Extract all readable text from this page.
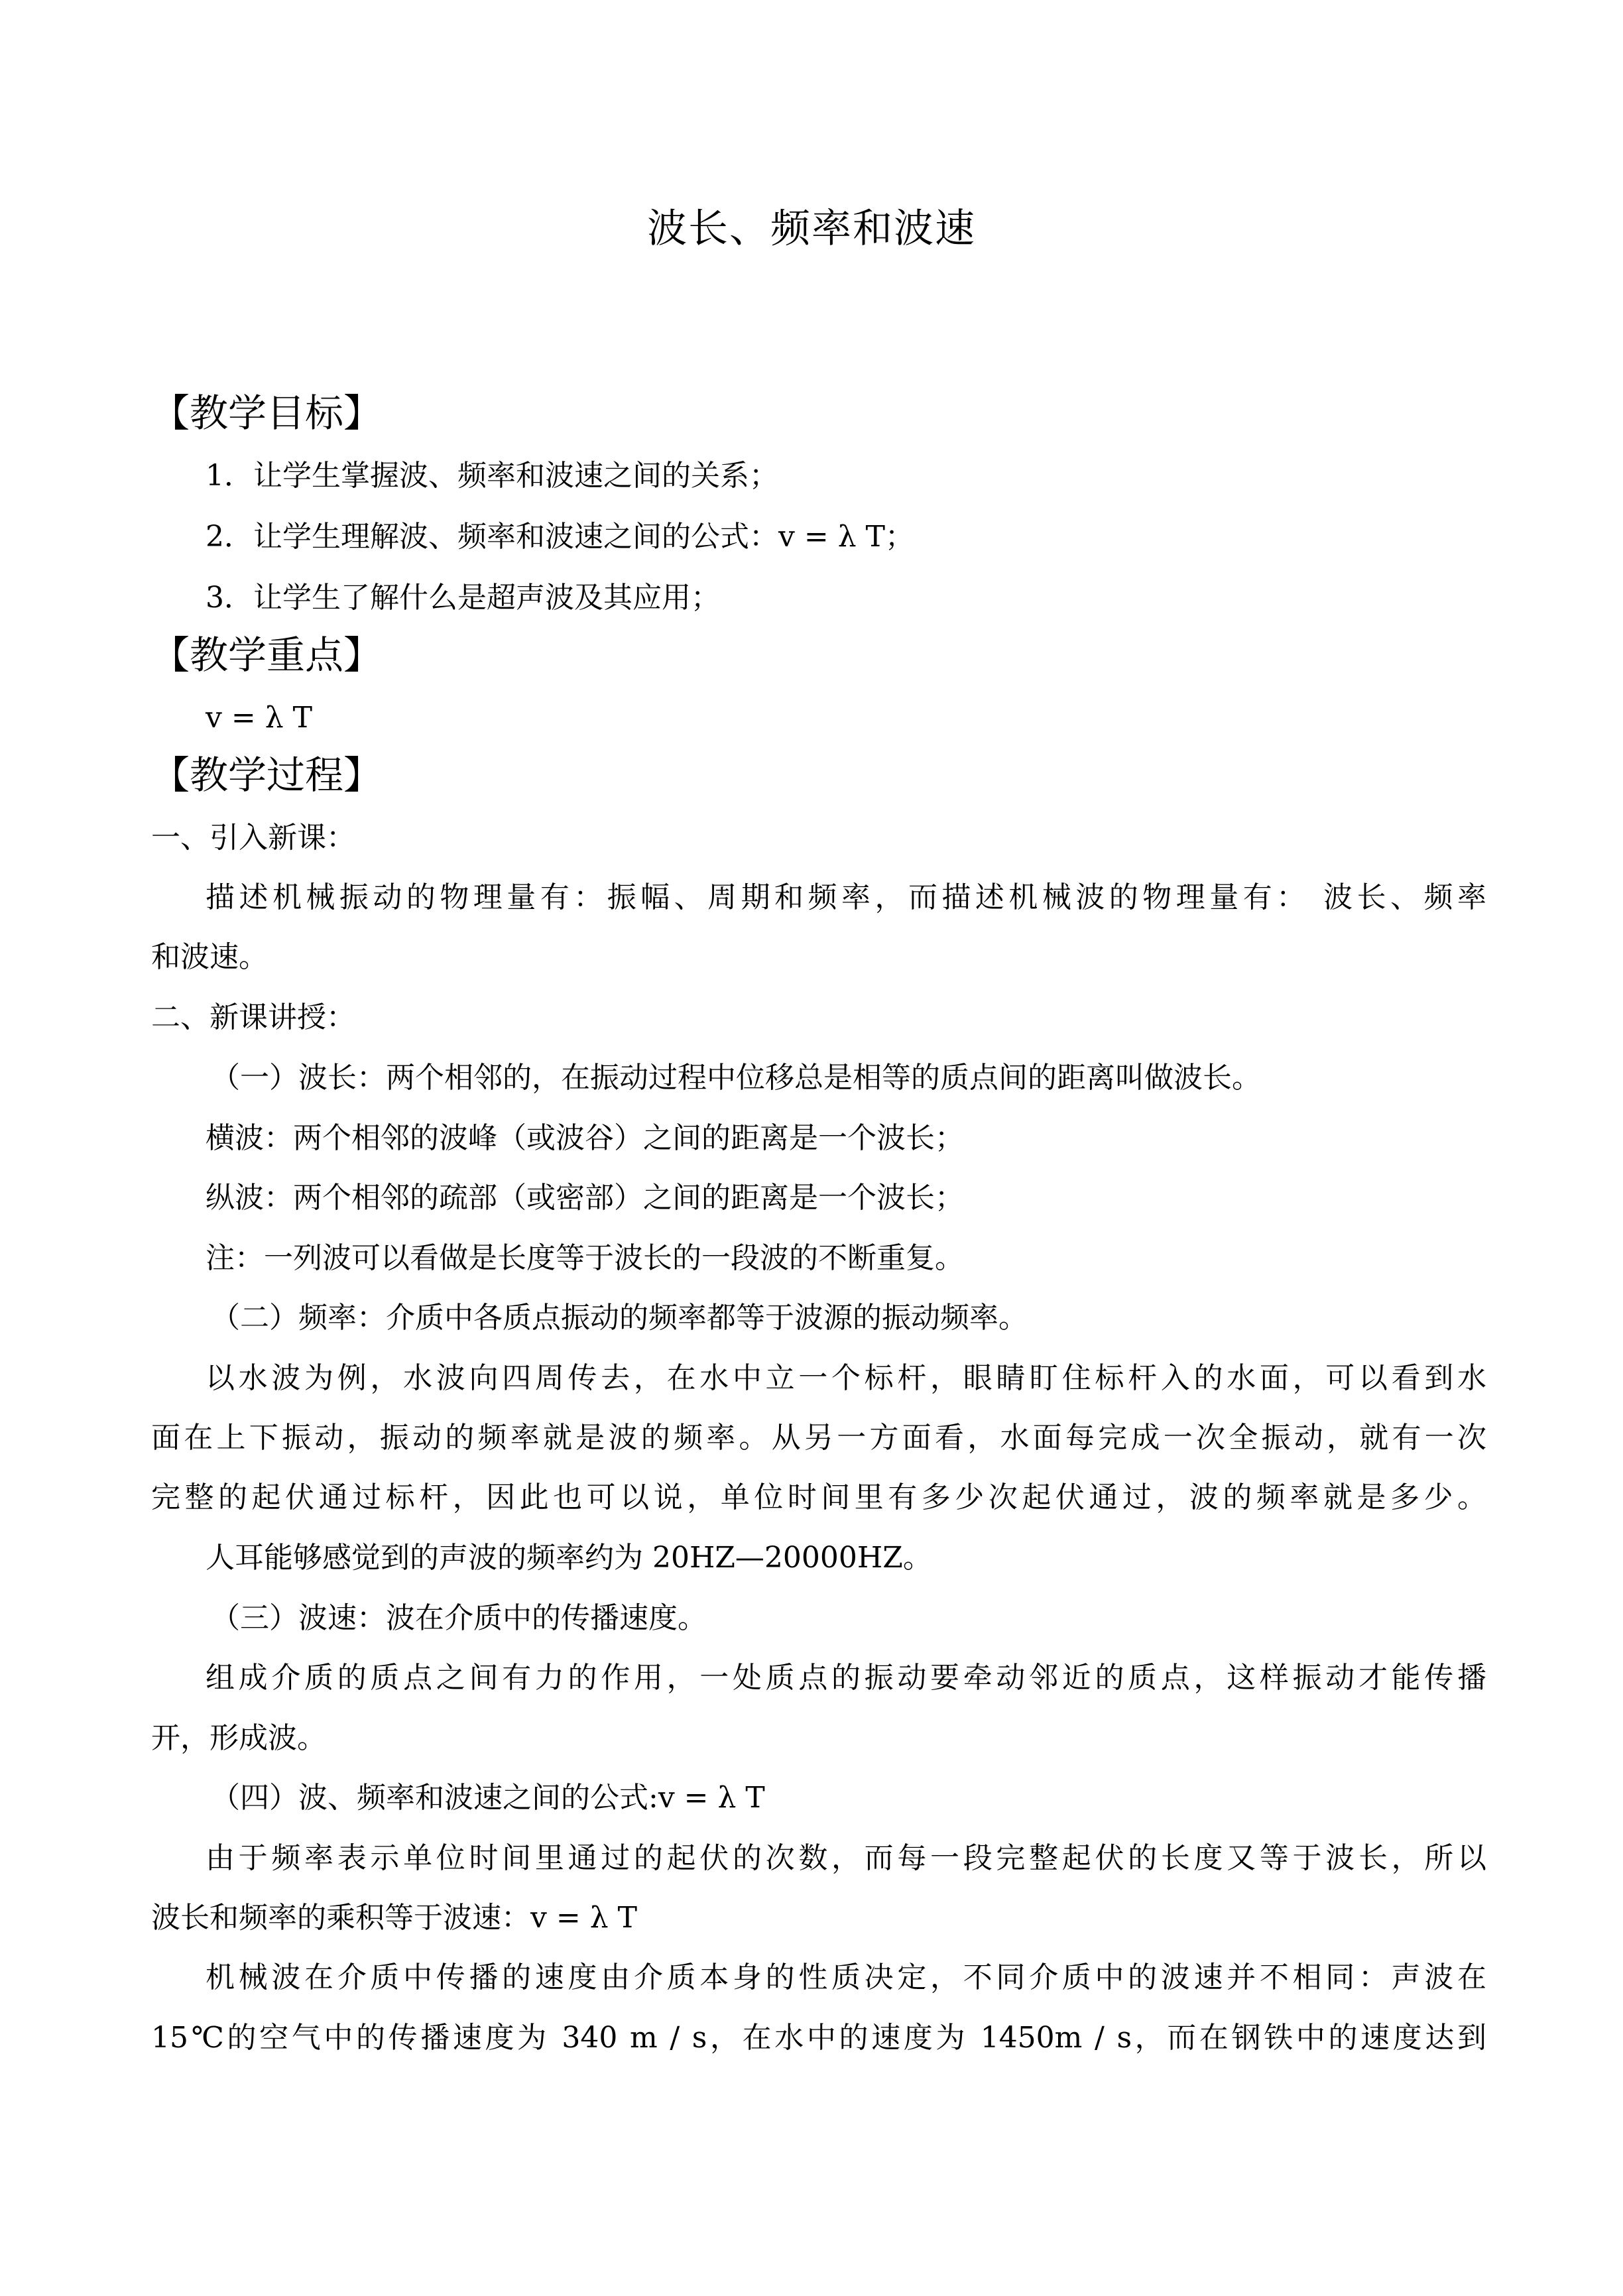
波长、频率和波速
【教学目标】
1．让学生掌握波、频率和波速之间的关系；
2．让学生理解波、频率和波速之间的公式：v = λ T；
3．让学生了解什么是超声波及其应用；
【教学重点】
v = λ T
【教学过程】
一、引入新课：
描述机械振动的物理量有：振幅、周期和频率，而描述机械波的物理量有： 波长、频率
和波速。
二、新课讲授：
（一）波长：两个相邻的，在振动过程中位移总是相等的质点间的距离叫做波长。
横波：两个相邻的波峰（或波谷）之间的距离是一个波长；
纵波：两个相邻的疏部（或密部）之间的距离是一个波长；
注：一列波可以看做是长度等于波长的一段波的不断重复。
（二）频率：介质中各质点振动的频率都等于波源的振动频率。
以水波为例，水波向四周传去，在水中立一个标杆，眼睛盯住标杆入的水面，可以看到水
面在上下振动，振动的频率就是波的频率。从另一方面看，水面每完成一次全振动，就有一次
完整的起伏通过标杆，因此也可以说，单位时间里有多少次起伏通过，波的频率就是多少。
人耳能够感觉到的声波的频率约为 20HZ—20000HZ。
（三）波速：波在介质中的传播速度。
组成介质的质点之间有力的作用，一处质点的振动要牵动邻近的质点，这样振动才能传播
开，形成波。
（四）波、频率和波速之间的公式:v = λ T
由于频率表示单位时间里通过的起伏的次数，而每一段完整起伏的长度又等于波长，所以
波长和频率的乘积等于波速：v = λ T
机械波在介质中传播的速度由介质本身的性质决定，不同介质中的波速并不相同：声波在
15℃的空气中的传播速度为 340 m / s，在水中的速度为 1450m / s，而在钢铁中的速度达到
